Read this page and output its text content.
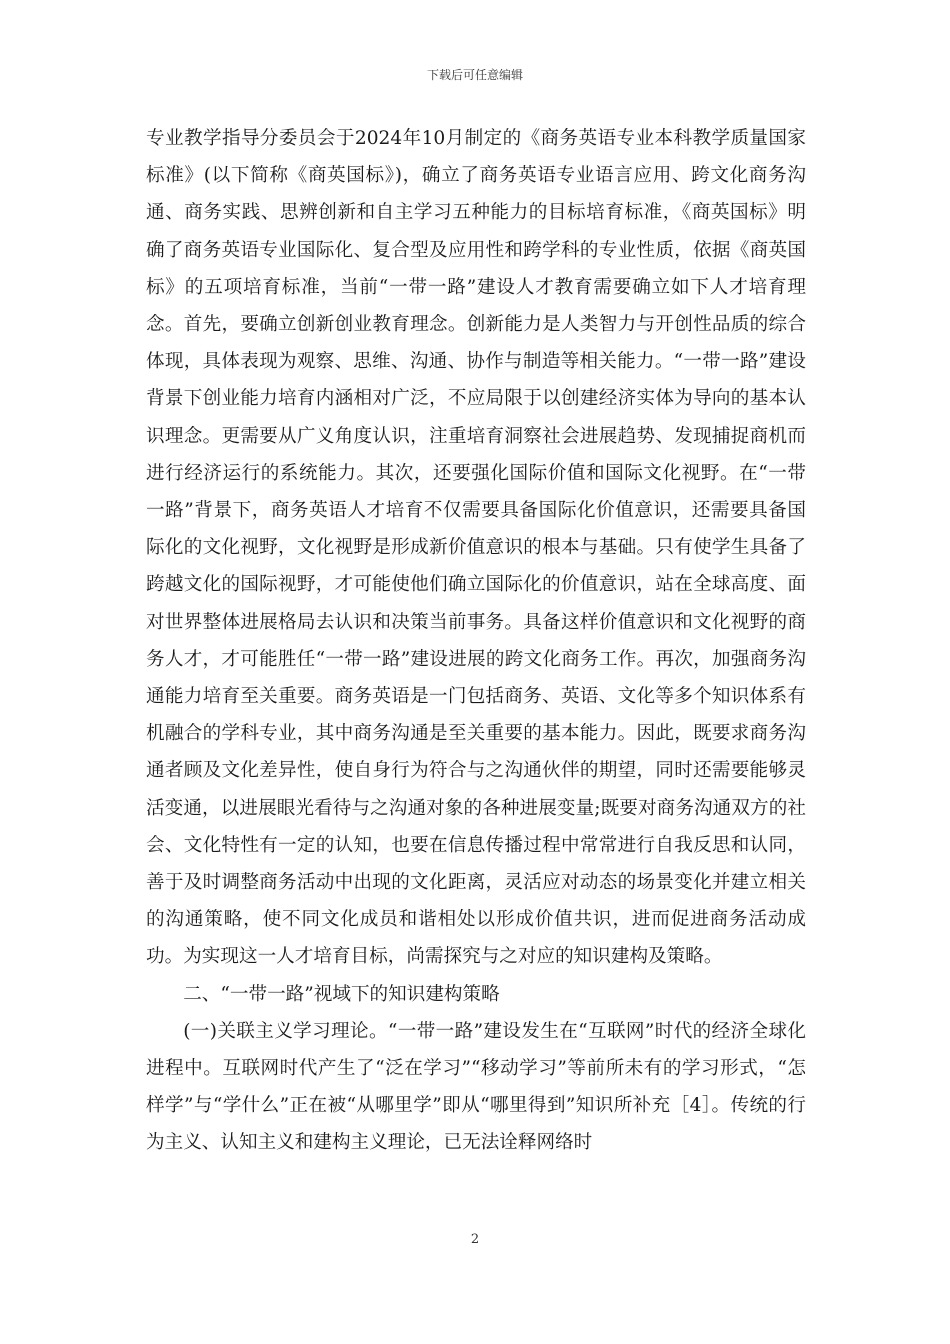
下载后可任意编辑

专业教学指导分委员会于2024年10月制定的《商务英语专业本科教学质量国家标准》(以下简称《商英国标》)，确立了商务英语专业语言应用、跨文化商务沟通、商务实践、思辨创新和自主学习五种能力的目标培育标准，《商英国标》明确了商务英语专业国际化、复合型及应用性和跨学科的专业性质，依据《商英国标》的五项培育标准，当前“一带一路”建设人才教育需要确立如下人才培育理念。首先，要确立创新创业教育理念。创新能力是人类智力与开创性品质的综合体现，具体表现为观察、思维、沟通、协作与制造等相关能力。“一带一路”建设背景下创业能力培育内涵相对广泛，不应局限于以创建经济实体为导向的基本认识理念。更需要从广义角度认识，注重培育洞察社会进展趋势、发现捕捉商机而进行经济运行的系统能力。其次，还要强化国际价值和国际文化视野。在“一带一路”背景下，商务英语人才培育不仅需要具备国际化价值意识，还需要具备国际化的文化视野，文化视野是形成新价值意识的根本与基础。只有使学生具备了跨越文化的国际视野，才可能使他们确立国际化的价值意识，站在全球高度、面对世界整体进展格局去认识和决策当前事务。具备这样价值意识和文化视野的商务人才，才可能胜任“一带一路”建设进展的跨文化商务工作。再次，加强商务沟通能力培育至关重要。商务英语是一门包括商务、英语、文化等多个知识体系有机融合的学科专业，其中商务沟通是至关重要的基本能力。因此，既要求商务沟通者顾及文化差异性，使自身行为符合与之沟通伙伴的期望，同时还需要能够灵活变通，以进展眼光看待与之沟通对象的各种进展变量;既要对商务沟通双方的社会、文化特性有一定的认知，也要在信息传播过程中常常进行自我反思和认同，善于及时调整商务活动中出现的文化距离，灵活应对动态的场景变化并建立相关的沟通策略，使不同文化成员和谐相处以形成价值共识，进而促进商务活动成功。为实现这一人才培育目标，尚需探究与之对应的知识建构及策略。

二、“一带一路”视域下的知识建构策略

(一)关联主义学习理论。“一带一路”建设发生在“互联网”时代的经济全球化进程中。互联网时代产生了“泛在学习”“移动学习”等前所未有的学习形式，“怎样学”与“学什么”正在被“从哪里学”即从“哪里得到”知识所补充［4］。传统的行为主义、认知主义和建构主义理论，已无法诠释网络时

2
